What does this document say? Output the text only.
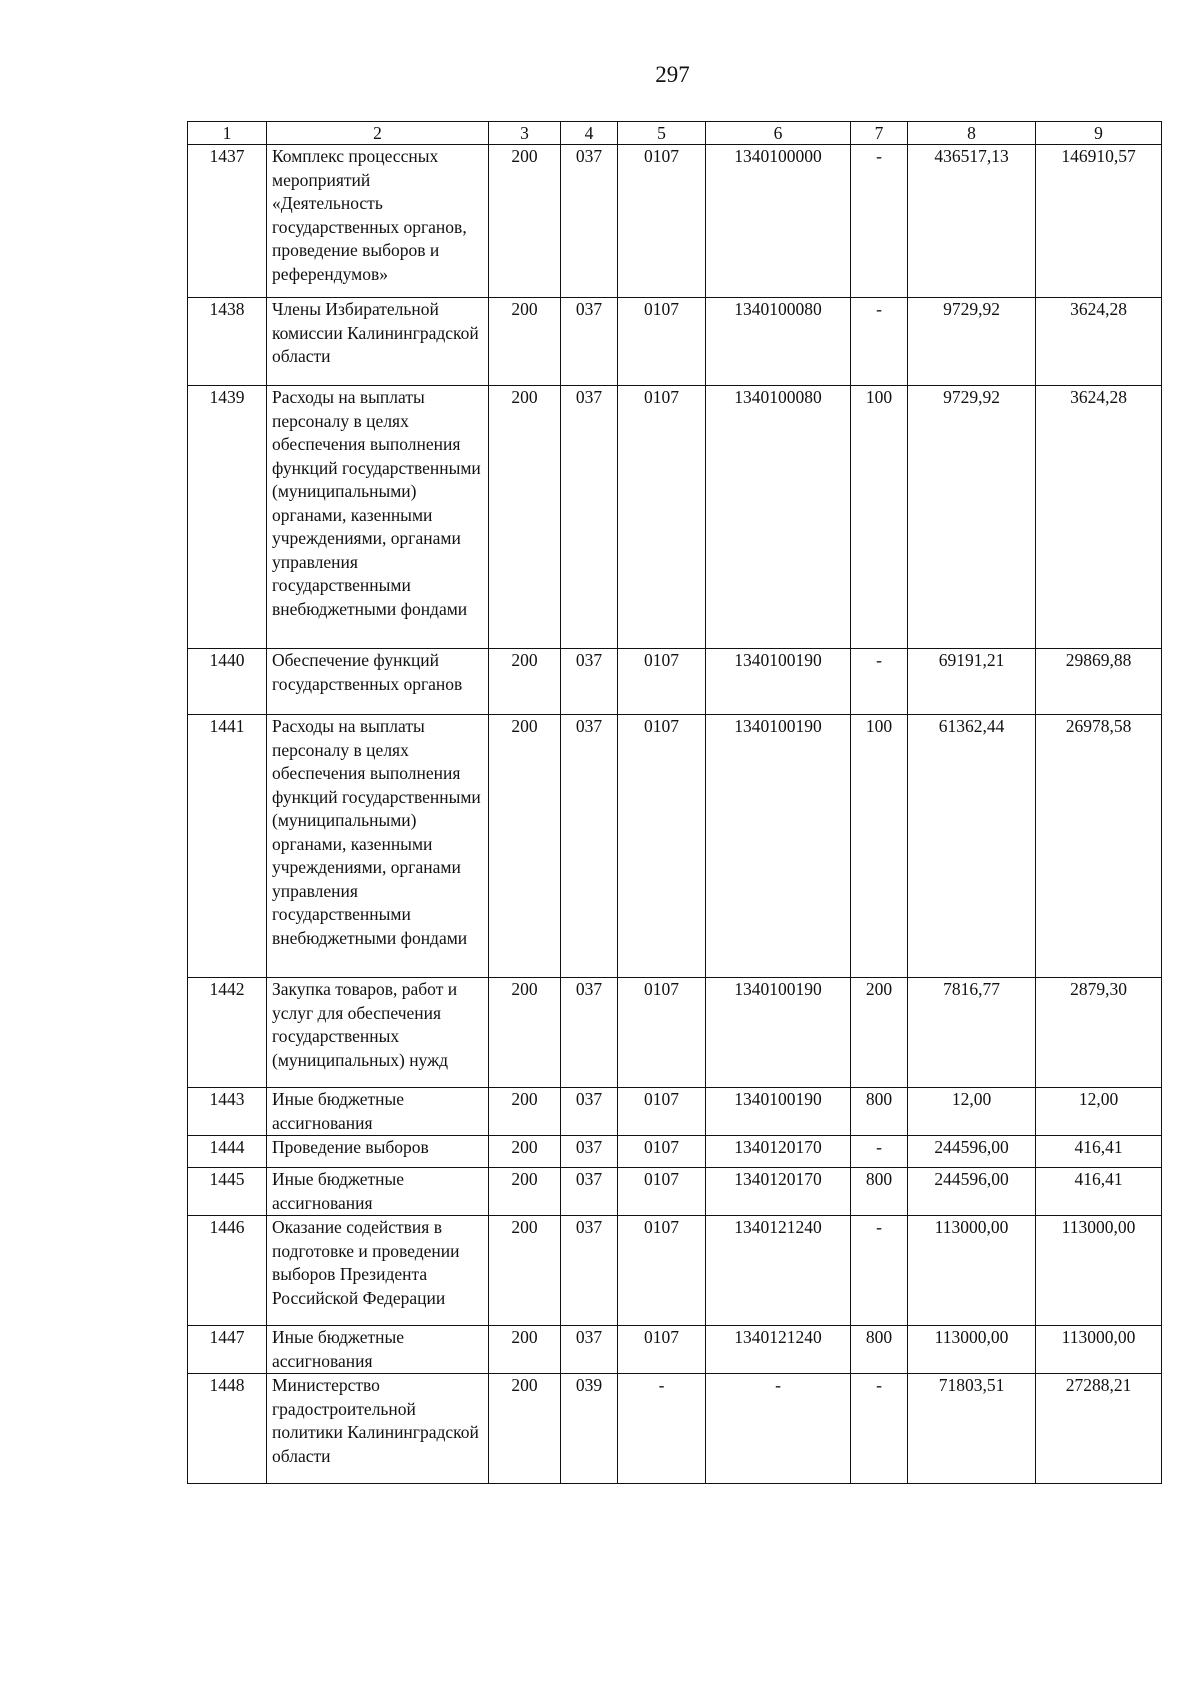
297
1	2	3	4	5	6	7	8	9
1437	Комплекс процессных мероприятий «Деятельность государственных органов, проведение выборов и референдумов»	200	037	0107	1340100000	-	436517,13	146910,57
1438	Члены Избирательной комиссии Калининградской области	200	037	0107	1340100080	-	9729,92	3624,28
1439	Расходы на выплаты персоналу в целях обеспечения выполнения функций государственными (муниципальными) органами, казенными учреждениями, органами управления государственными внебюджетными фондами	200	037	0107	1340100080	100	9729,92	3624,28
1440	Обеспечение функций государственных органов	200	037	0107	1340100190	-	69191,21	29869,88
1441	Расходы на выплаты персоналу в целях обеспечения выполнения функций государственными (муниципальными) органами, казенными учреждениями, органами управления государственными внебюджетными фондами	200	037	0107	1340100190	100	61362,44	26978,58
1442	Закупка товаров, работ и услуг для обеспечения государственных (муниципальных) нужд	200	037	0107	1340100190	200	7816,77	2879,30
1443	Иные бюджетные ассигнования	200	037	0107	1340100190	800	12,00	12,00
1444	Проведение выборов	200	037	0107	1340120170	-	244596,00	416,41
1445	Иные бюджетные ассигнования	200	037	0107	1340120170	800	244596,00	416,41
1446	Оказание содействия в подготовке и проведении выборов Президента Российской Федерации	200	037	0107	1340121240	-	113000,00	113000,00
1447	Иные бюджетные ассигнования	200	037	0107	1340121240	800	113000,00	113000,00
1448	Министерство градостроительной политики Калининградской области	200	039	-	-	-	71803,51	27288,21
